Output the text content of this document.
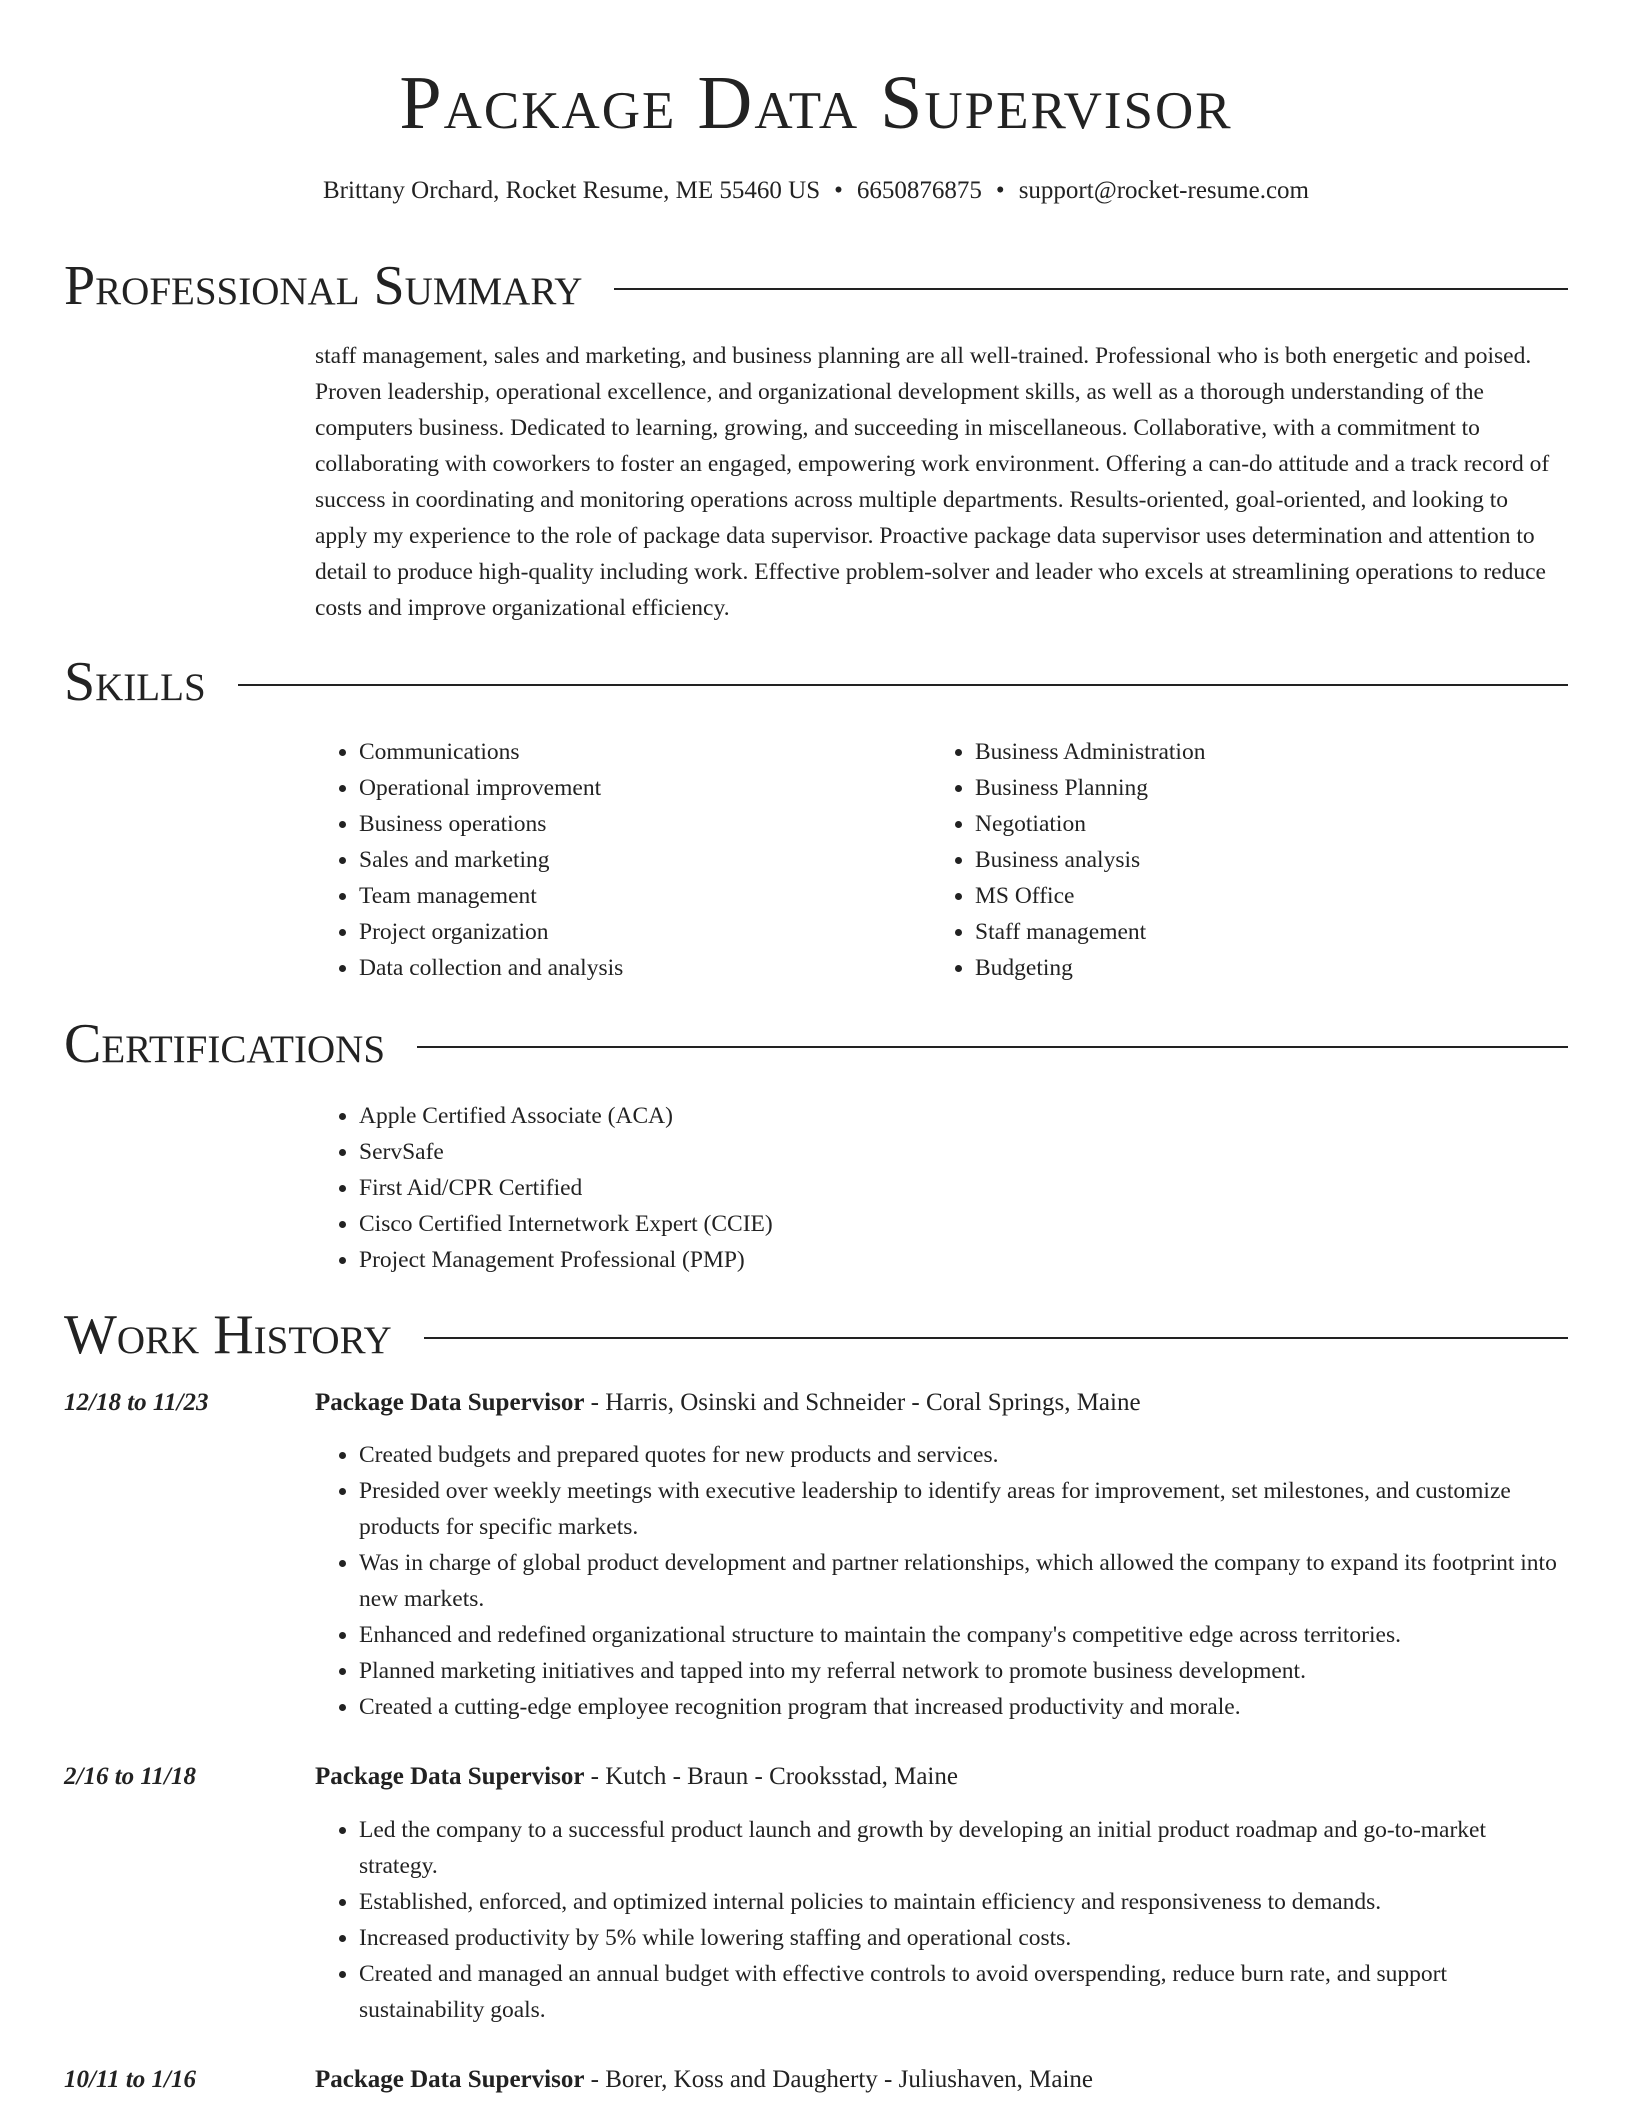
Package Data Supervisor
Brittany Orchard, Rocket Resume, ME 55460 US • 6650876875 • support@rocket-resume.com
Professional Summary

staff management, sales and marketing, and business planning are all well-trained. Professional who is both energetic and poised. Proven leadership, operational excellence, and organizational development skills, as well as a thorough understanding of the computers business. Dedicated to learning, growing, and succeeding in miscellaneous. Collaborative, with a commitment to collaborating with coworkers to foster an engaged, empowering work environment. Offering a can-do attitude and a track record of success in coordinating and monitoring operations across multiple departments. Results-oriented, goal-oriented, and looking to apply my experience to the role of package data supervisor. Proactive package data supervisor uses determination and attention to detail to produce high-quality including work. Effective problem-solver and leader who excels at streamlining operations to reduce costs and improve organizational efficiency.

Skills
• Communications
• Operational improvement
• Business operations
• Sales and marketing
• Team management
• Project organization
• Data collection and analysis
• Business Administration
• Business Planning
• Negotiation
• Business analysis
• MS Office
• Staff management
• Budgeting
Certifications
• Apple Certified Associate (ACA)
• ServSafe
• First Aid/CPR Certified
• Cisco Certified Internetwork Expert (CCIE)
• Project Management Professional (PMP)
Work History
12/18 to 11/23	Package Data Supervisor - Harris, Osinski and Schneider - Coral Springs, Maine
• Created budgets and prepared quotes for new products and services.
• Presided over weekly meetings with executive leadership to identify areas for improvement, set milestones, and customize products for specific markets.
• Was in charge of global product development and partner relationships, which allowed the company to expand its footprint into new markets.
• Enhanced and redefined organizational structure to maintain the company's competitive edge across territories.
• Planned marketing initiatives and tapped into my referral network to promote business development.
• Created a cutting-edge employee recognition program that increased productivity and morale.
2/16 to 11/18	Package Data Supervisor - Kutch - Braun - Crooksstad, Maine
• Led the company to a successful product launch and growth by developing an initial product roadmap and go-to-market strategy.
• Established, enforced, and optimized internal policies to maintain efficiency and responsiveness to demands.
• Increased productivity by 5% while lowering staffing and operational costs.
• Created and managed an annual budget with effective controls to avoid overspending, reduce burn rate, and support sustainability goals.
10/11 to 1/16	Package Data Supervisor - Borer, Koss and Daugherty - Juliushaven, Maine
